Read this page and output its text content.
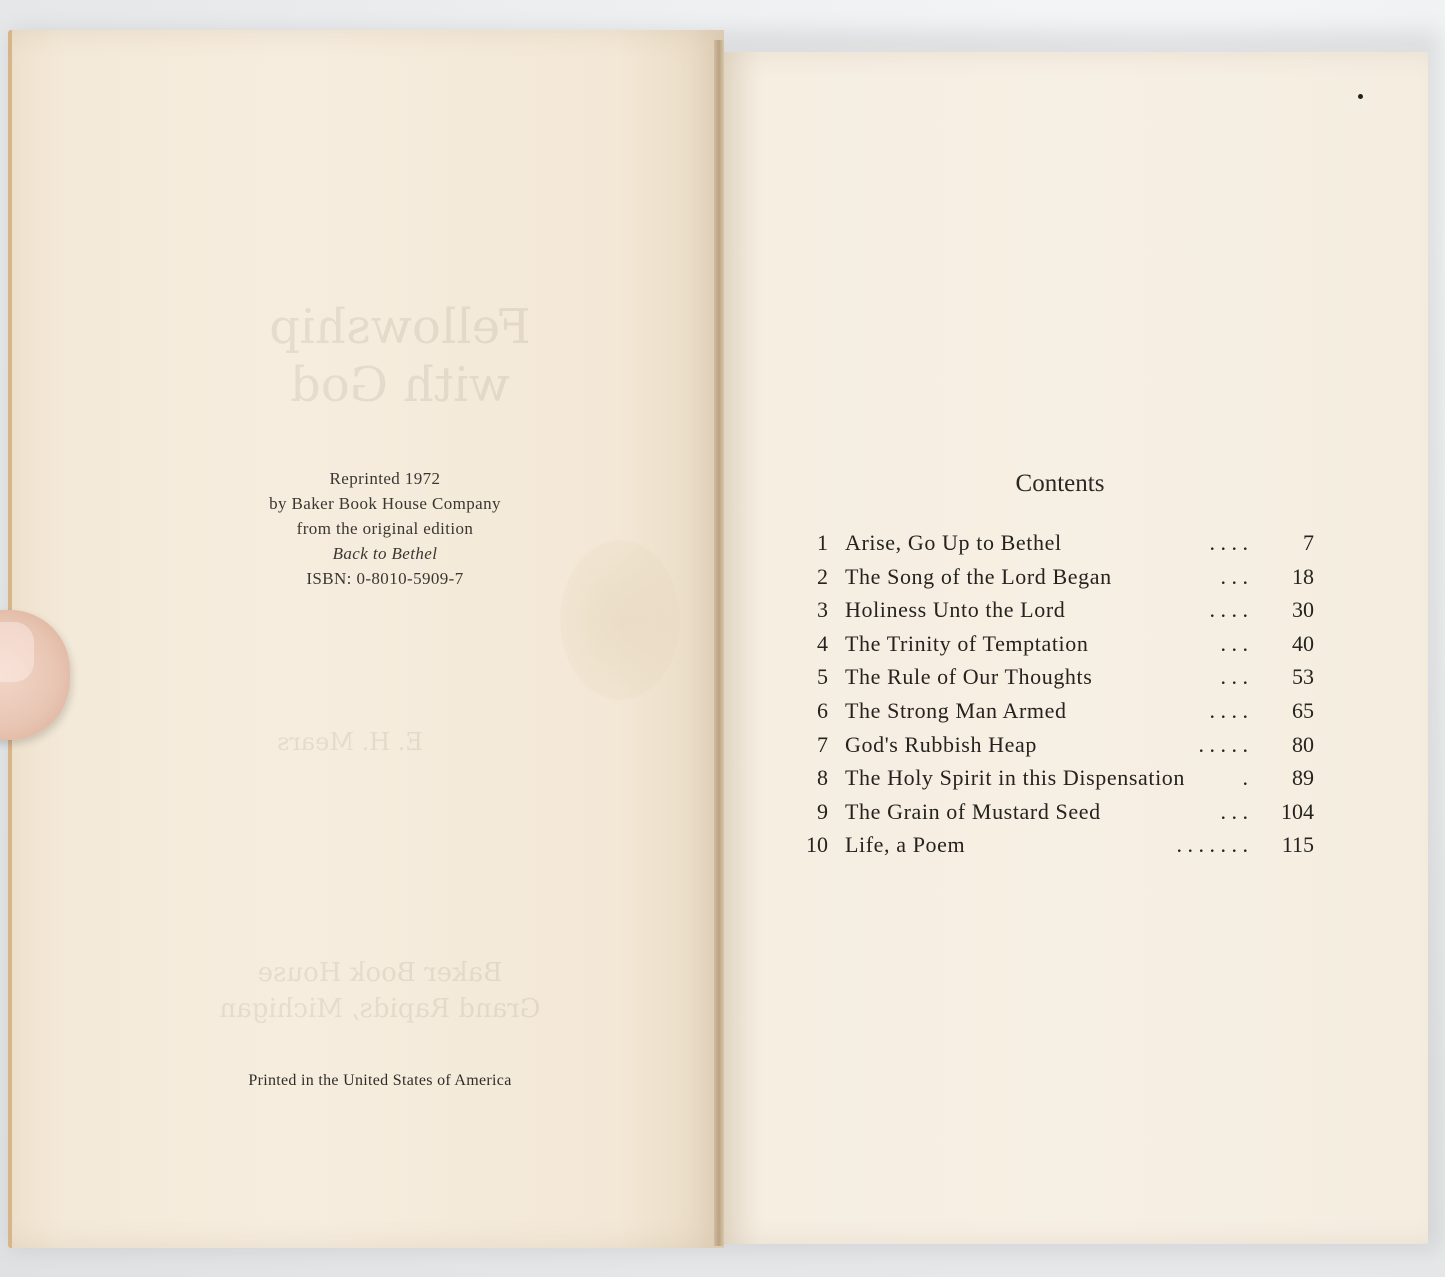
Fellowship
with God
E. H. Mears
Baker Book House
Grand Rapids, Michigan
Reprinted 1972
by Baker Book House Company
from the original edition
Back to Bethel
ISBN: 0-8010-5909-7
Printed in the United States of America
Contents
1 Arise, Go Up to Bethel	. . . .	7
2 The Song of the Lord Began	. . .	18
3 Holiness Unto the Lord	. . . .	30
4 The Trinity of Temptation	. . .	40
5 The Rule of Our Thoughts	. . .	53
6 The Strong Man Armed	. . . .	65
7 God's Rubbish Heap	. . . . .	80
8 The Holy Spirit in this Dispensation	.	89
9 The Grain of Mustard Seed	. . .	104
10 Life, a Poem	. . . . . . .	115
